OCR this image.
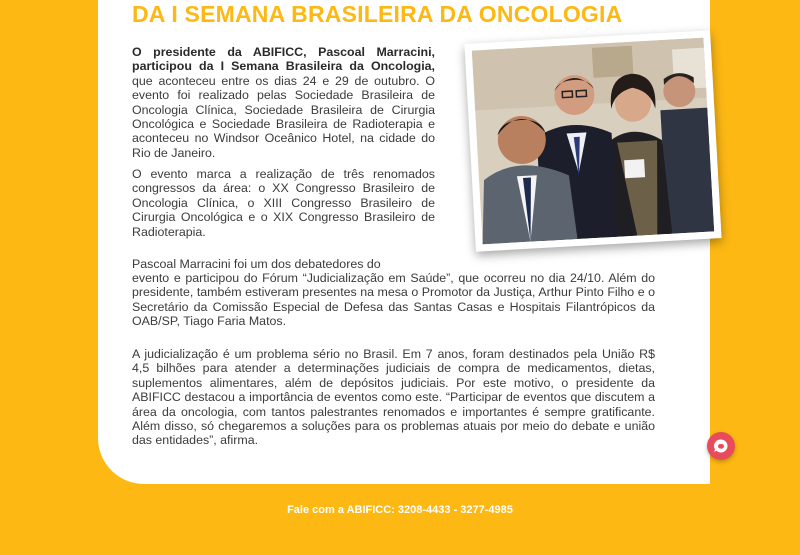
DA I SEMANA BRASILEIRA DA ONCOLOGIA

O presidente da ABIFICC, Pascoal Marracini, participou da I Semana Brasileira da Oncologia, que aconteceu entre os dias 24 e 29 de outubro. O evento foi realizado pelas Sociedade Brasileira de Oncologia Clínica, Sociedade Brasileira de Cirurgia Oncológica e Sociedade Brasileira de Radioterapia e aconteceu no Windsor Oceânico Hotel, na cidade do Rio de Janeiro.

O evento marca a realização de três renomados congressos da área: o XX Congresso Brasileiro de Oncologia Clínica, o XIII Congresso Brasileiro de Cirurgia Oncológica e o XIX Congresso Brasileiro de Radioterapia.

Pascoal Marracini foi um dos debatedores do

evento e participou do Fórum “Judicialização em Saúde”, que ocorreu no dia 24/10. Além do presidente, também estiveram presentes na mesa o Promotor da Justiça, Arthur Pinto Filho e o Secretário da Comissão Especial de Defesa das Santas Casas e Hospitais Filantrópicos da OAB/SP, Tiago Faria Matos.

A judicialização é um problema sério no Brasil. Em 7 anos, foram destinados pela União R$ 4,5 bilhões para atender a determinações judiciais de compra de medicamentos, dietas, suplementos alimentares, além de depósitos judiciais. Por este motivo, o presidente da ABIFICC destacou a importância de eventos como este. “Participar de eventos que discutem a área da oncologia, com tantos palestrantes renomados e importantes é sempre gratificante. Além disso, só chegaremos a soluções para os problemas atuais por meio do debate e união das entidades”, afirma.

Fale com a ABIFICC: 3208-4433 - 3277-4985
